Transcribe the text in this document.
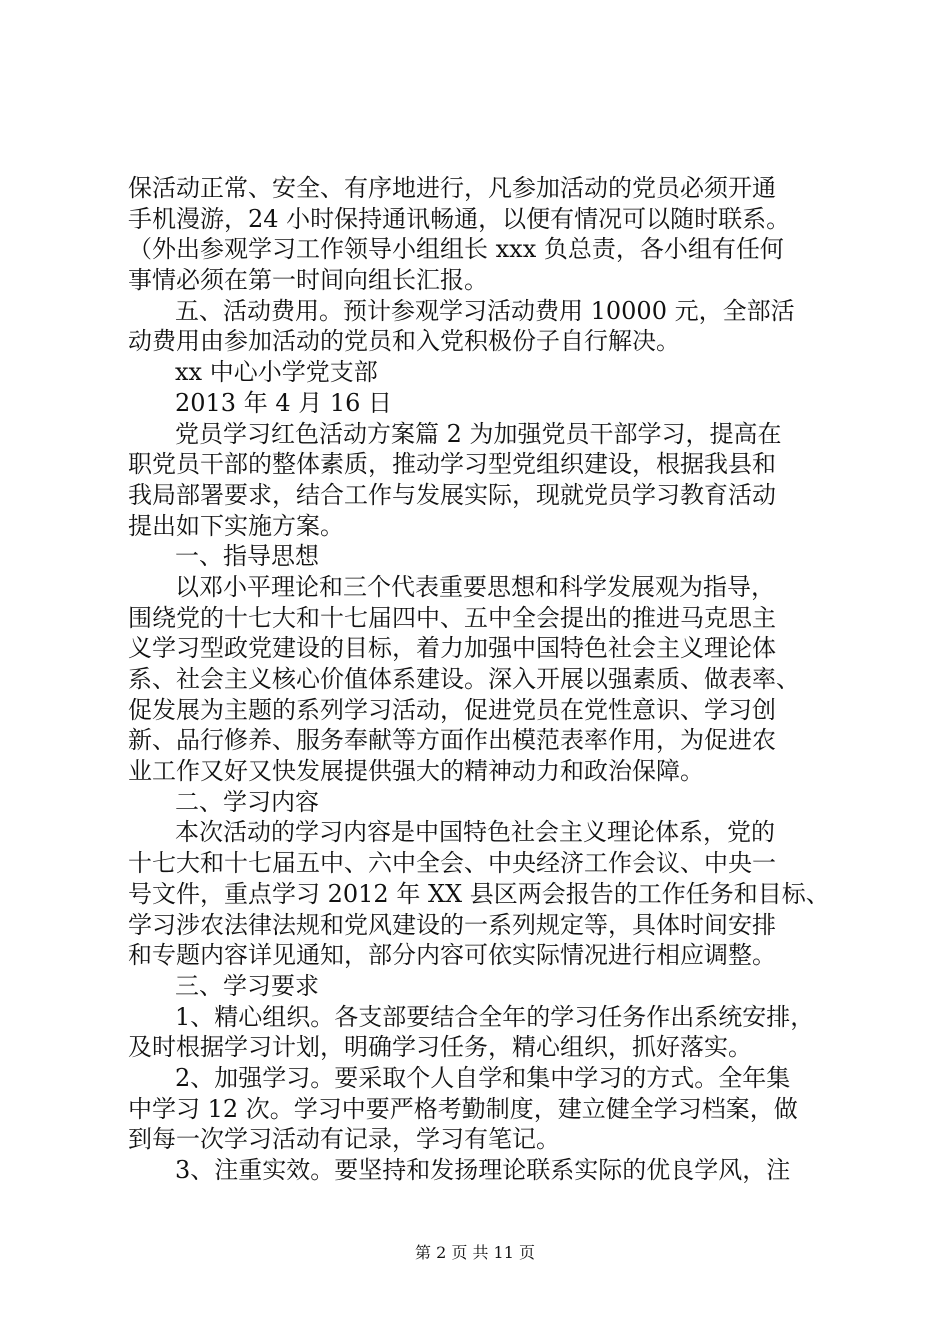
保活动正常、安全、有序地进行，凡参加活动的党员必须开通
手机漫游，24 小时保持通讯畅通，以便有情况可以随时联系。
（外出参观学习工作领导小组组长 xxx 负总责，各小组有任何
事情必须在第一时间向组长汇报。
五、活动费用。预计参观学习活动费用 10000 元，全部活
动费用由参加活动的党员和入党积极份子自行解决。
xx 中心小学党支部
2013 年 4 月 16 日
党员学习红色活动方案篇 2 为加强党员干部学习，提高在
职党员干部的整体素质，推动学习型党组织建设，根据我县和
我局部署要求，结合工作与发展实际，现就党员学习教育活动
提出如下实施方案。
一、指导思想
以邓小平理论和三个代表重要思想和科学发展观为指导，
围绕党的十七大和十七届四中、五中全会提出的推进马克思主
义学习型政党建设的目标，着力加强中国特色社会主义理论体
系、社会主义核心价值体系建设。深入开展以强素质、做表率、
促发展为主题的系列学习活动，促进党员在党性意识、学习创
新、品行修养、服务奉献等方面作出模范表率作用，为促进农
业工作又好又快发展提供强大的精神动力和政治保障。
二、学习内容
本次活动的学习内容是中国特色社会主义理论体系，党的
十七大和十七届五中、六中全会、中央经济工作会议、中央一
号文件，重点学习 2012 年 XX 县区两会报告的工作任务和目标、
学习涉农法律法规和党风建设的一系列规定等，具体时间安排
和专题内容详见通知，部分内容可依实际情况进行相应调整。
三、学习要求
1、精心组织。各支部要结合全年的学习任务作出系统安排，
及时根据学习计划，明确学习任务，精心组织，抓好落实。
2、加强学习。要采取个人自学和集中学习的方式。全年集
中学习 12 次。学习中要严格考勤制度，建立健全学习档案，做
到每一次学习活动有记录，学习有笔记。
3、注重实效。要坚持和发扬理论联系实际的优良学风，注
第 2 页 共 11 页
